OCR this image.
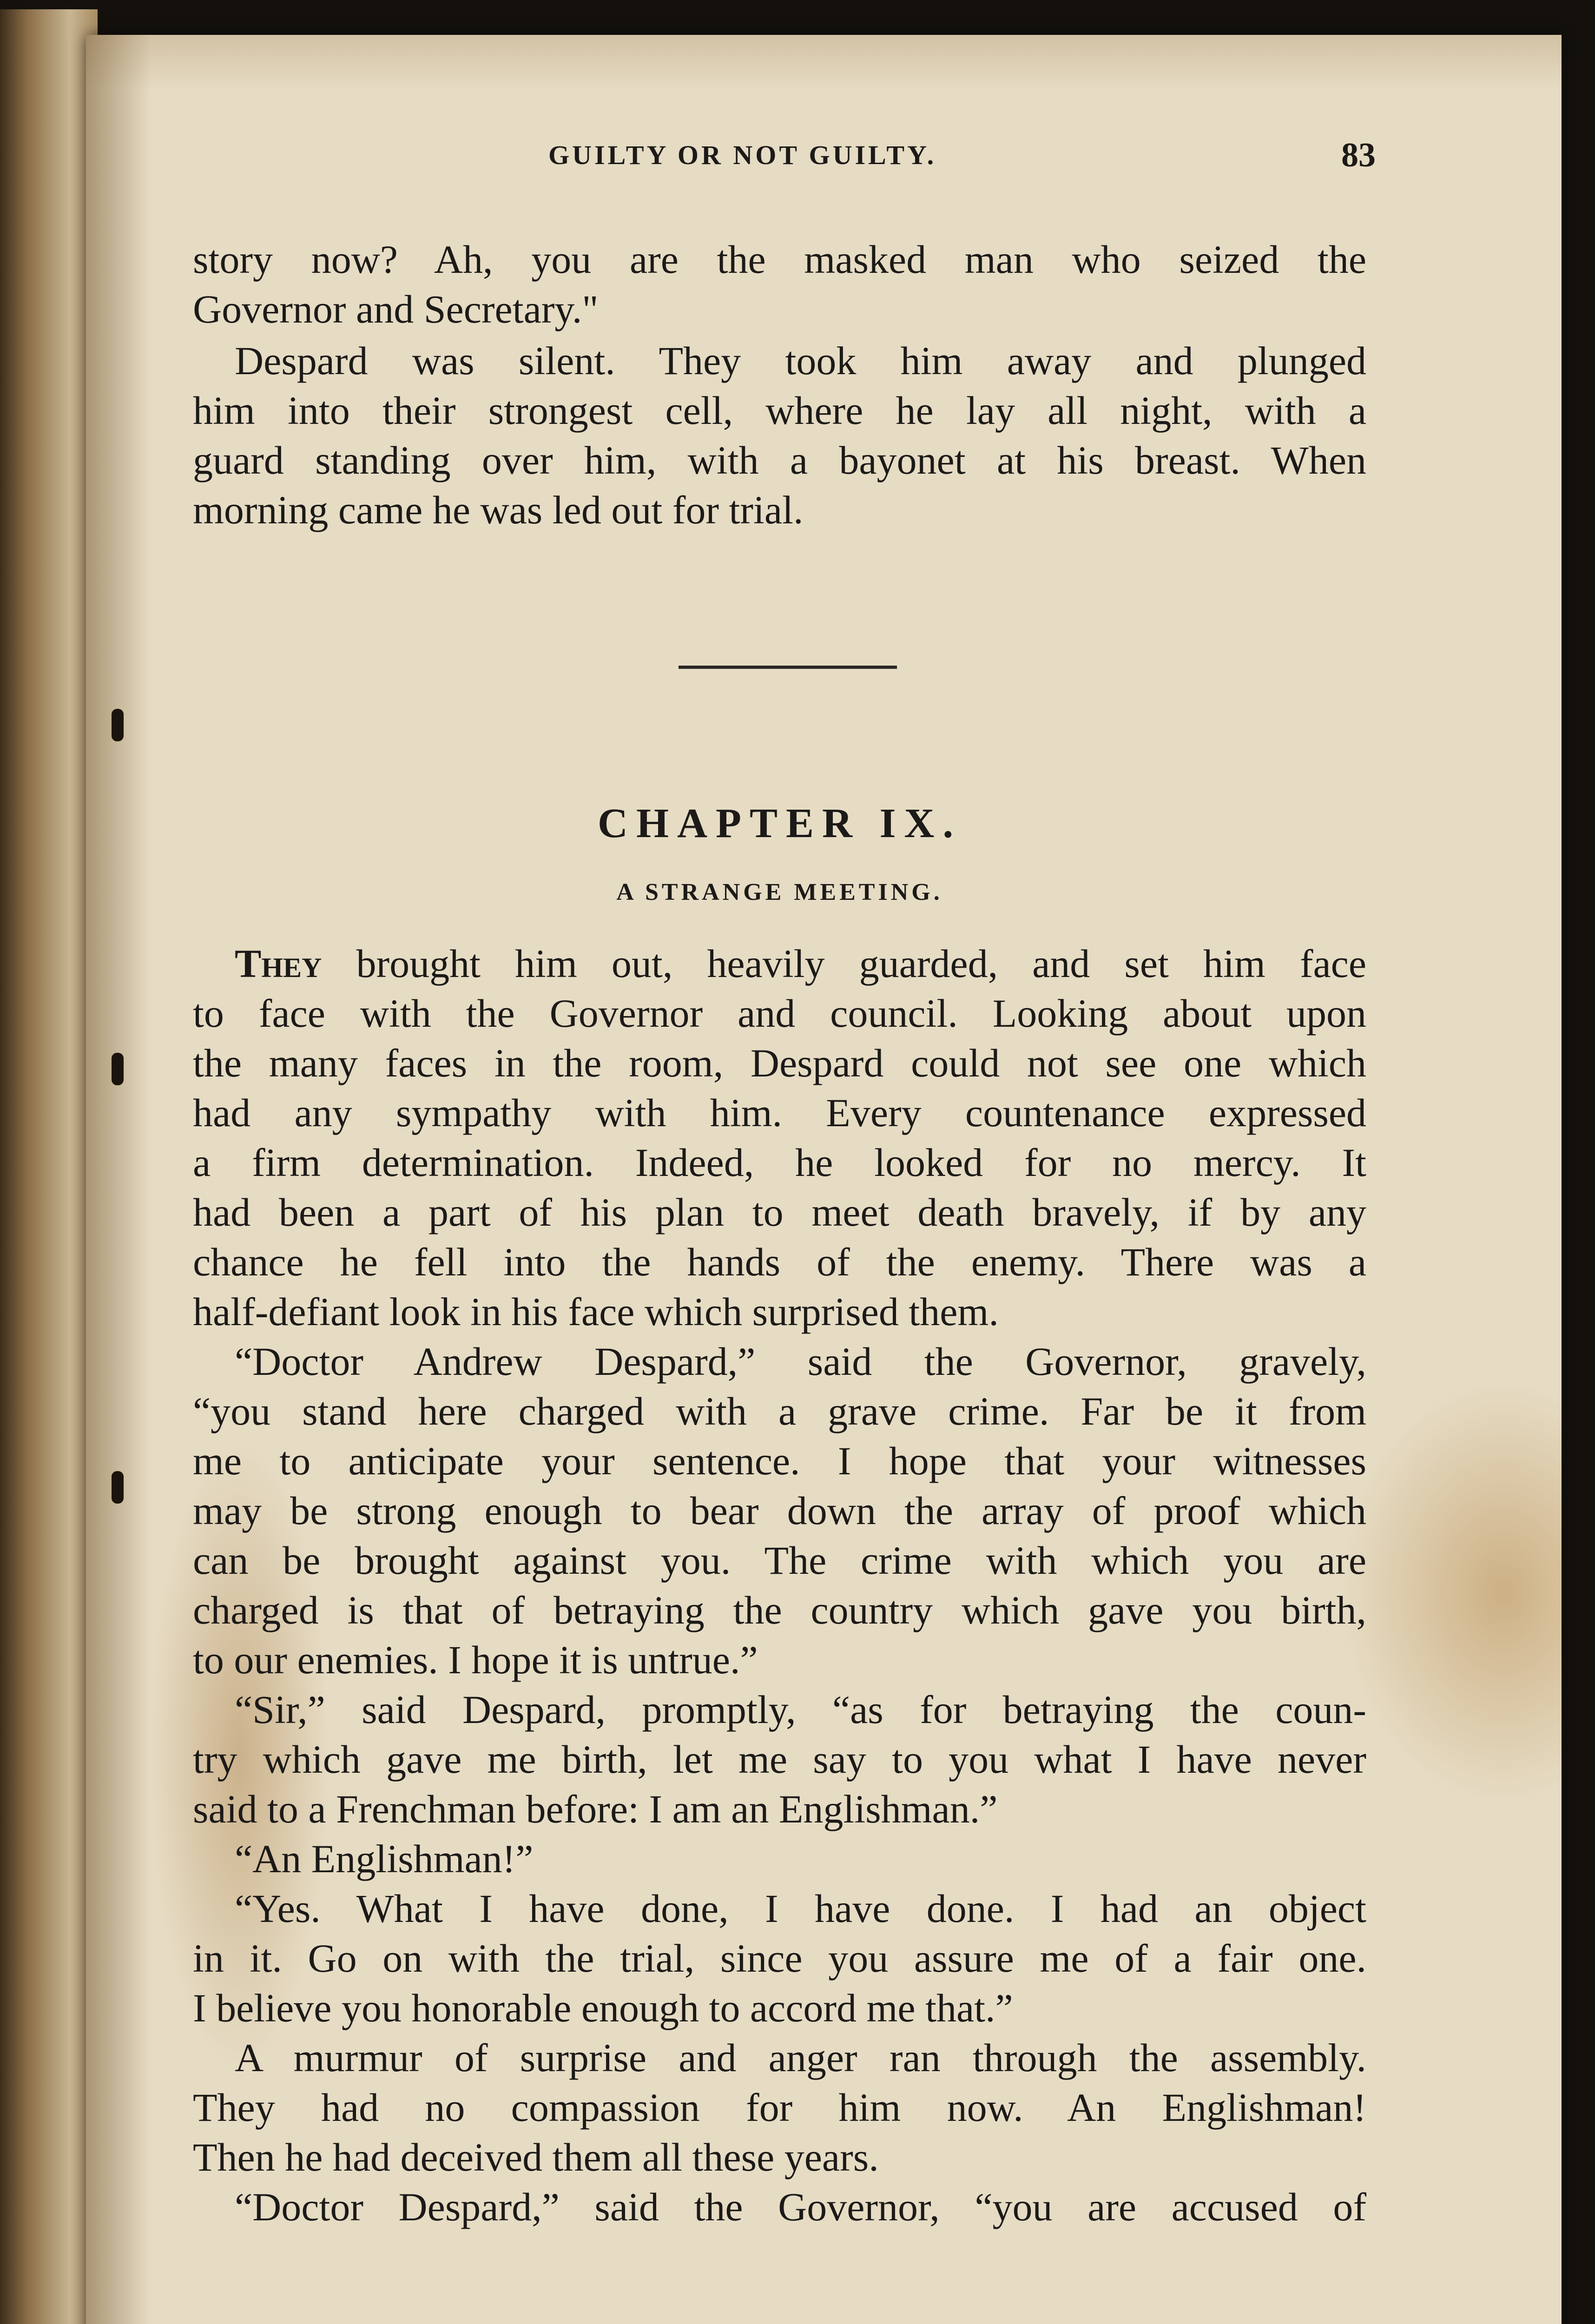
GUILTY OR NOT GUILTY.	83
story now? Ah, you are the masked man who seized the
Governor and Secretary."
Despard was silent. They took him away and plunged
him into their strongest cell, where he lay all night, with a
guard standing over him, with a bayonet at his breast. When
morning came he was led out for trial.
CHAPTER IX.
A STRANGE MEETING.
They brought him out, heavily guarded, and set him face
to face with the Governor and council. Looking about upon
the many faces in the room, Despard could not see one which
had any sympathy with him. Every countenance expressed
a firm determination. Indeed, he looked for no mercy. It
had been a part of his plan to meet death bravely, if by any
chance he fell into the hands of the enemy. There was a
half-defiant look in his face which surprised them.
“Doctor Andrew Despard,” said the Governor, gravely,
“you stand here charged with a grave crime. Far be it from
me to anticipate your sentence. I hope that your witnesses
may be strong enough to bear down the array of proof which
can be brought against you. The crime with which you are
charged is that of betraying the country which gave you birth,
to our enemies. I hope it is untrue.”
“Sir,” said Despard, promptly, “as for betraying the coun-
try which gave me birth, let me say to you what I have never
said to a Frenchman before: I am an Englishman.”
“An Englishman!”
“Yes. What I have done, I have done. I had an object
in it. Go on with the trial, since you assure me of a fair one.
I believe you honorable enough to accord me that.”
A murmur of surprise and anger ran through the assembly.
They had no compassion for him now. An Englishman!
Then he had deceived them all these years.
“Doctor Despard,” said the Governor, “you are accused of
